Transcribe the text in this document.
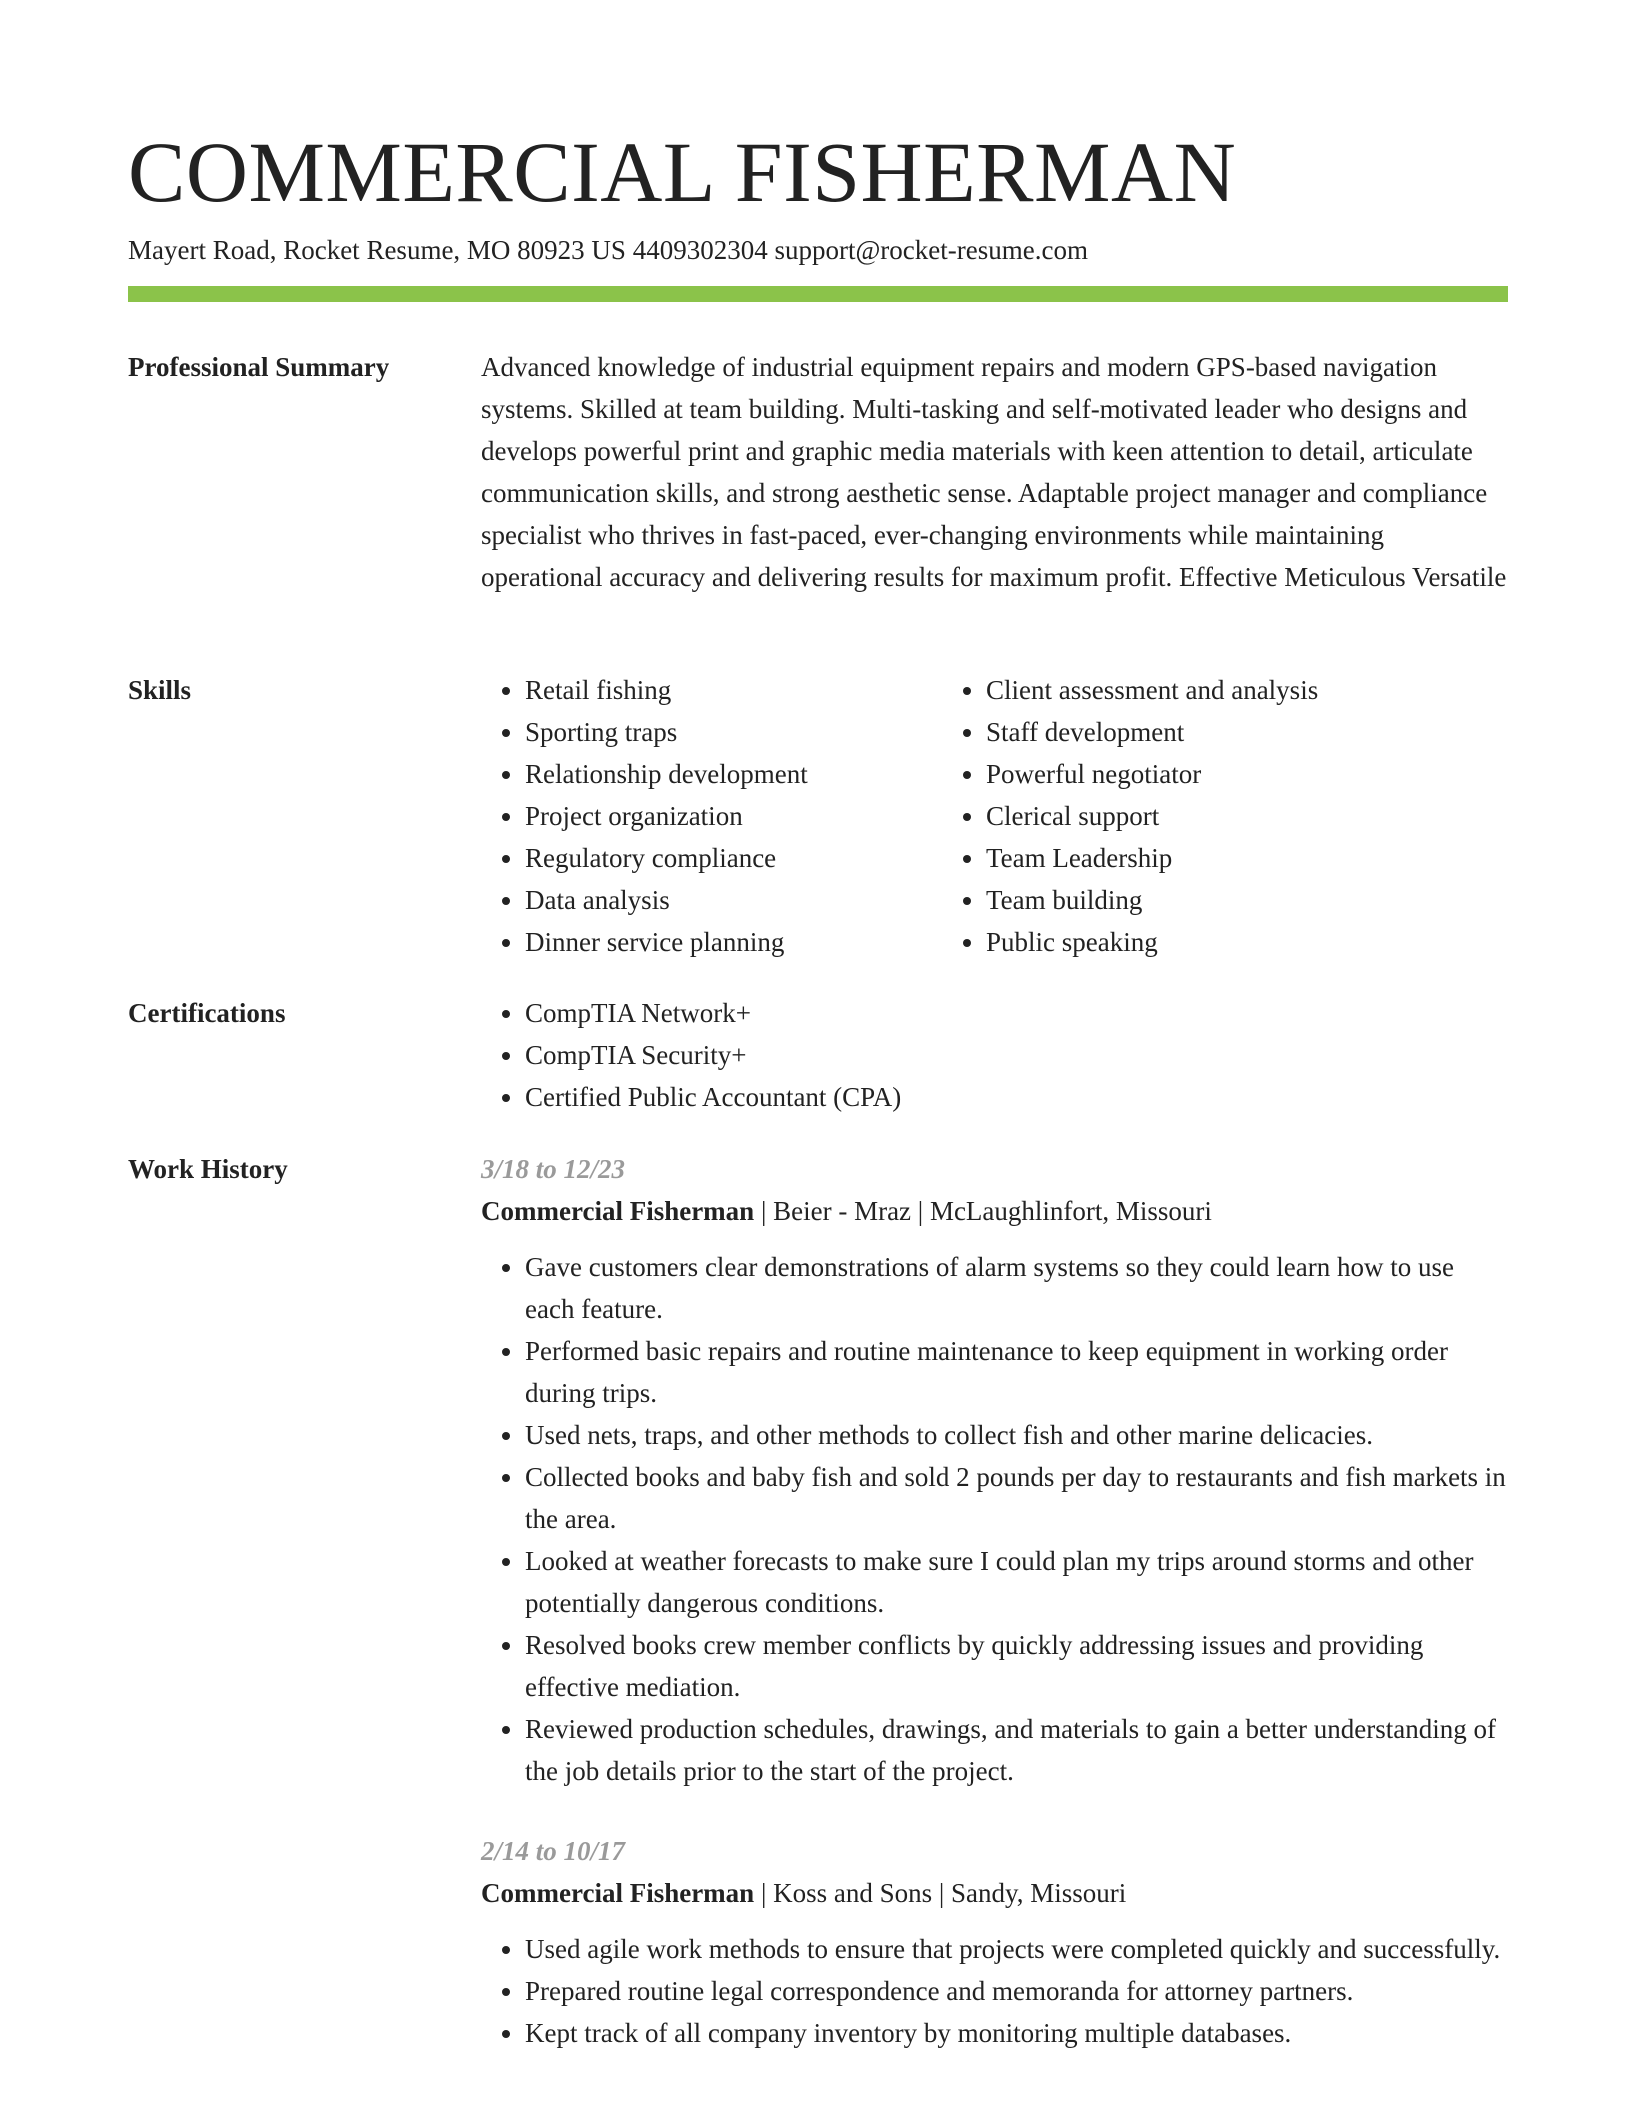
COMMERCIAL FISHERMAN
Mayert Road, Rocket Resume, MO 80923 US 4409302304 support@rocket-resume.com
Professional Summary	Advanced knowledge of industrial equipment repairs and modern GPS-based navigation systems. Skilled at team building. Multi-tasking and self-motivated leader who designs and develops powerful print and graphic media materials with keen attention to detail, articulate communication skills, and strong aesthetic sense. Adaptable project manager and compliance specialist who thrives in fast-paced, ever-changing environments while maintaining operational accuracy and delivering results for maximum profit. Effective Meticulous Versatile

Skills	• Retail fishing
• Sporting traps
• Relationship development
• Project organization
• Regulatory compliance
• Data analysis
• Dinner service planning
• Client assessment and analysis
• Staff development
• Powerful negotiator
• Clerical support
• Team Leadership
• Team building
• Public speaking
Certifications	• CompTIA Network+
• CompTIA Security+
• Certified Public Accountant (CPA)
Work History	3/18 to 12/23
Commercial Fisherman | Beier - Mraz | McLaughlinfort, Missouri
• Gave customers clear demonstrations of alarm systems so they could learn how to use each feature.
• Performed basic repairs and routine maintenance to keep equipment in working order during trips.
• Used nets, traps, and other methods to collect fish and other marine delicacies.
• Collected books and baby fish and sold 2 pounds per day to restaurants and fish markets in the area.
• Looked at weather forecasts to make sure I could plan my trips around storms and other potentially dangerous conditions.
• Resolved books crew member conflicts by quickly addressing issues and providing effective mediation.
• Reviewed production schedules, drawings, and materials to gain a better understanding of the job details prior to the start of the project.
2/14 to 10/17
Commercial Fisherman | Koss and Sons | Sandy, Missouri
• Used agile work methods to ensure that projects were completed quickly and successfully.
• Prepared routine legal correspondence and memoranda for attorney partners.
• Kept track of all company inventory by monitoring multiple databases.
